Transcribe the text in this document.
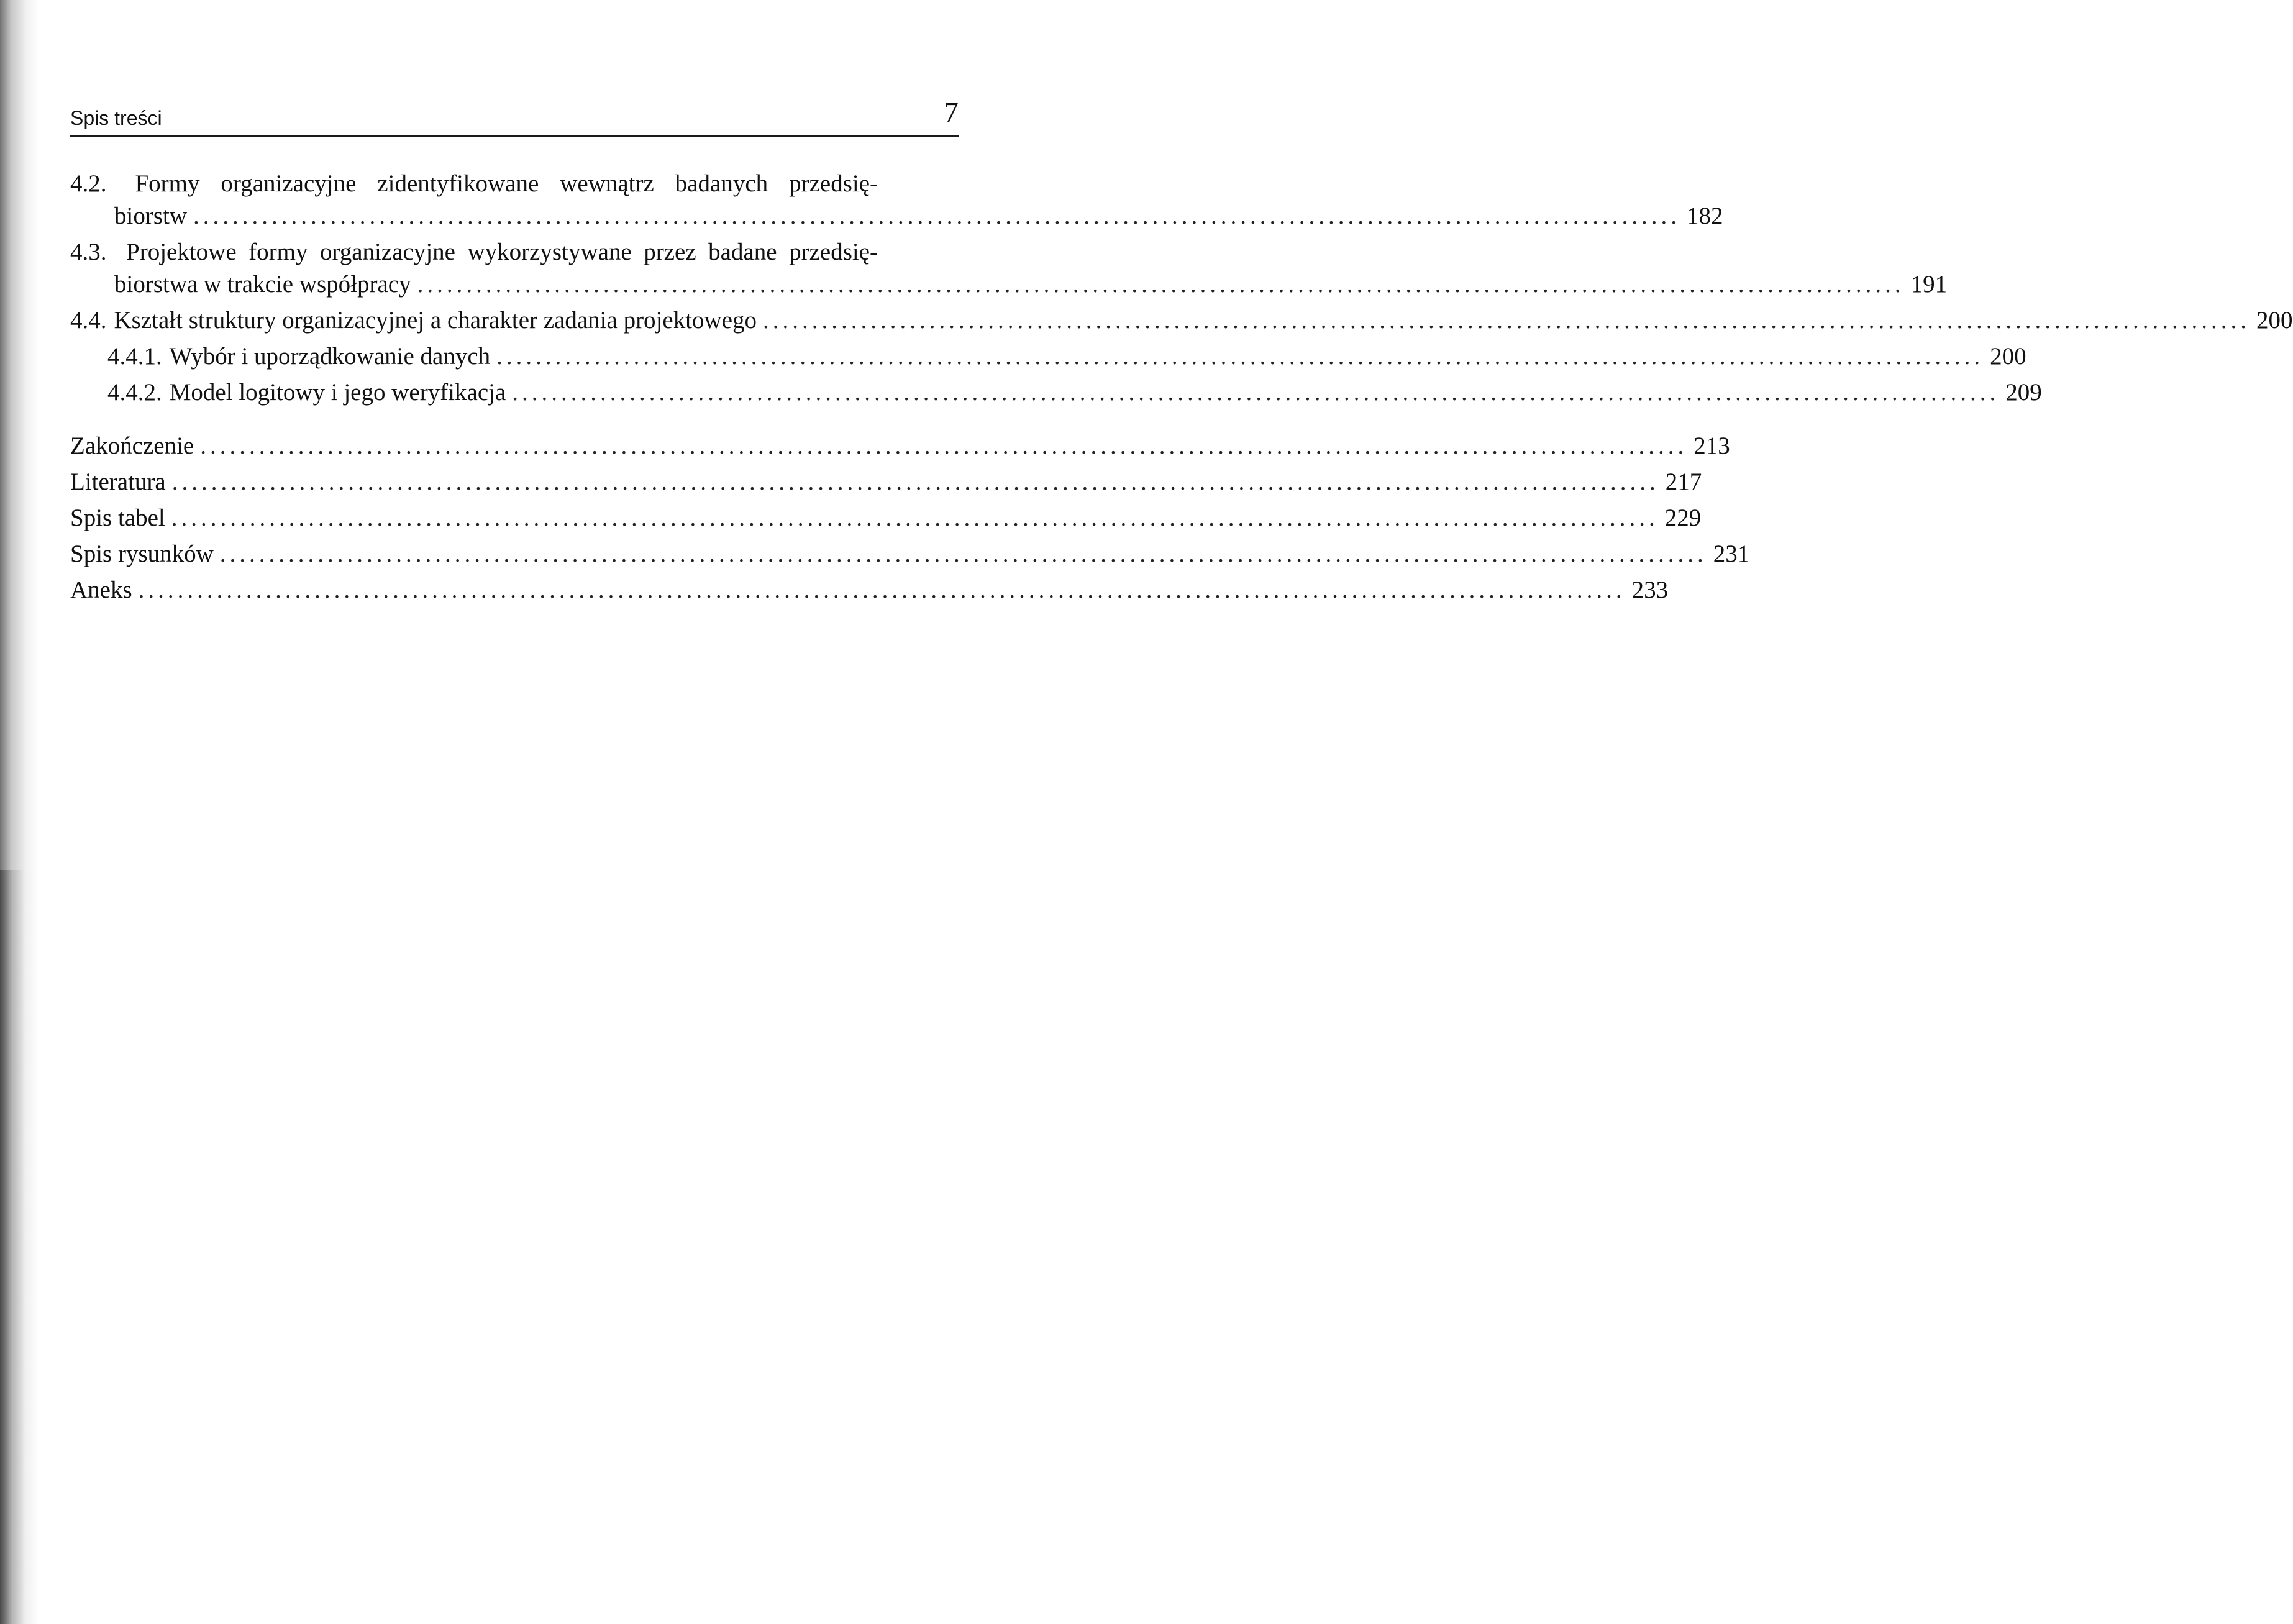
Spis treści	7
4.2. Formy organizacyjne zidentyfikowane wewnątrz badanych przedsię-
biorstw ........................................................................................................................................................ 182
4.3. Projektowe formy organizacyjne wykorzystywane przez badane przedsię-
biorstwa w trakcie współpracy ........................................................................................................................................................ 191
4.4. Kształt struktury organizacyjnej a charakter zadania projektowego ........................................................................................................................................................ 200
4.4.1. Wybór i uporządkowanie danych ........................................................................................................................................................ 200
4.4.2. Model logitowy i jego weryfikacja ........................................................................................................................................................ 209
Zakończenie ........................................................................................................................................................ 213
Literatura ........................................................................................................................................................ 217
Spis tabel ........................................................................................................................................................ 229
Spis rysunków ........................................................................................................................................................ 231
Aneks ........................................................................................................................................................ 233
